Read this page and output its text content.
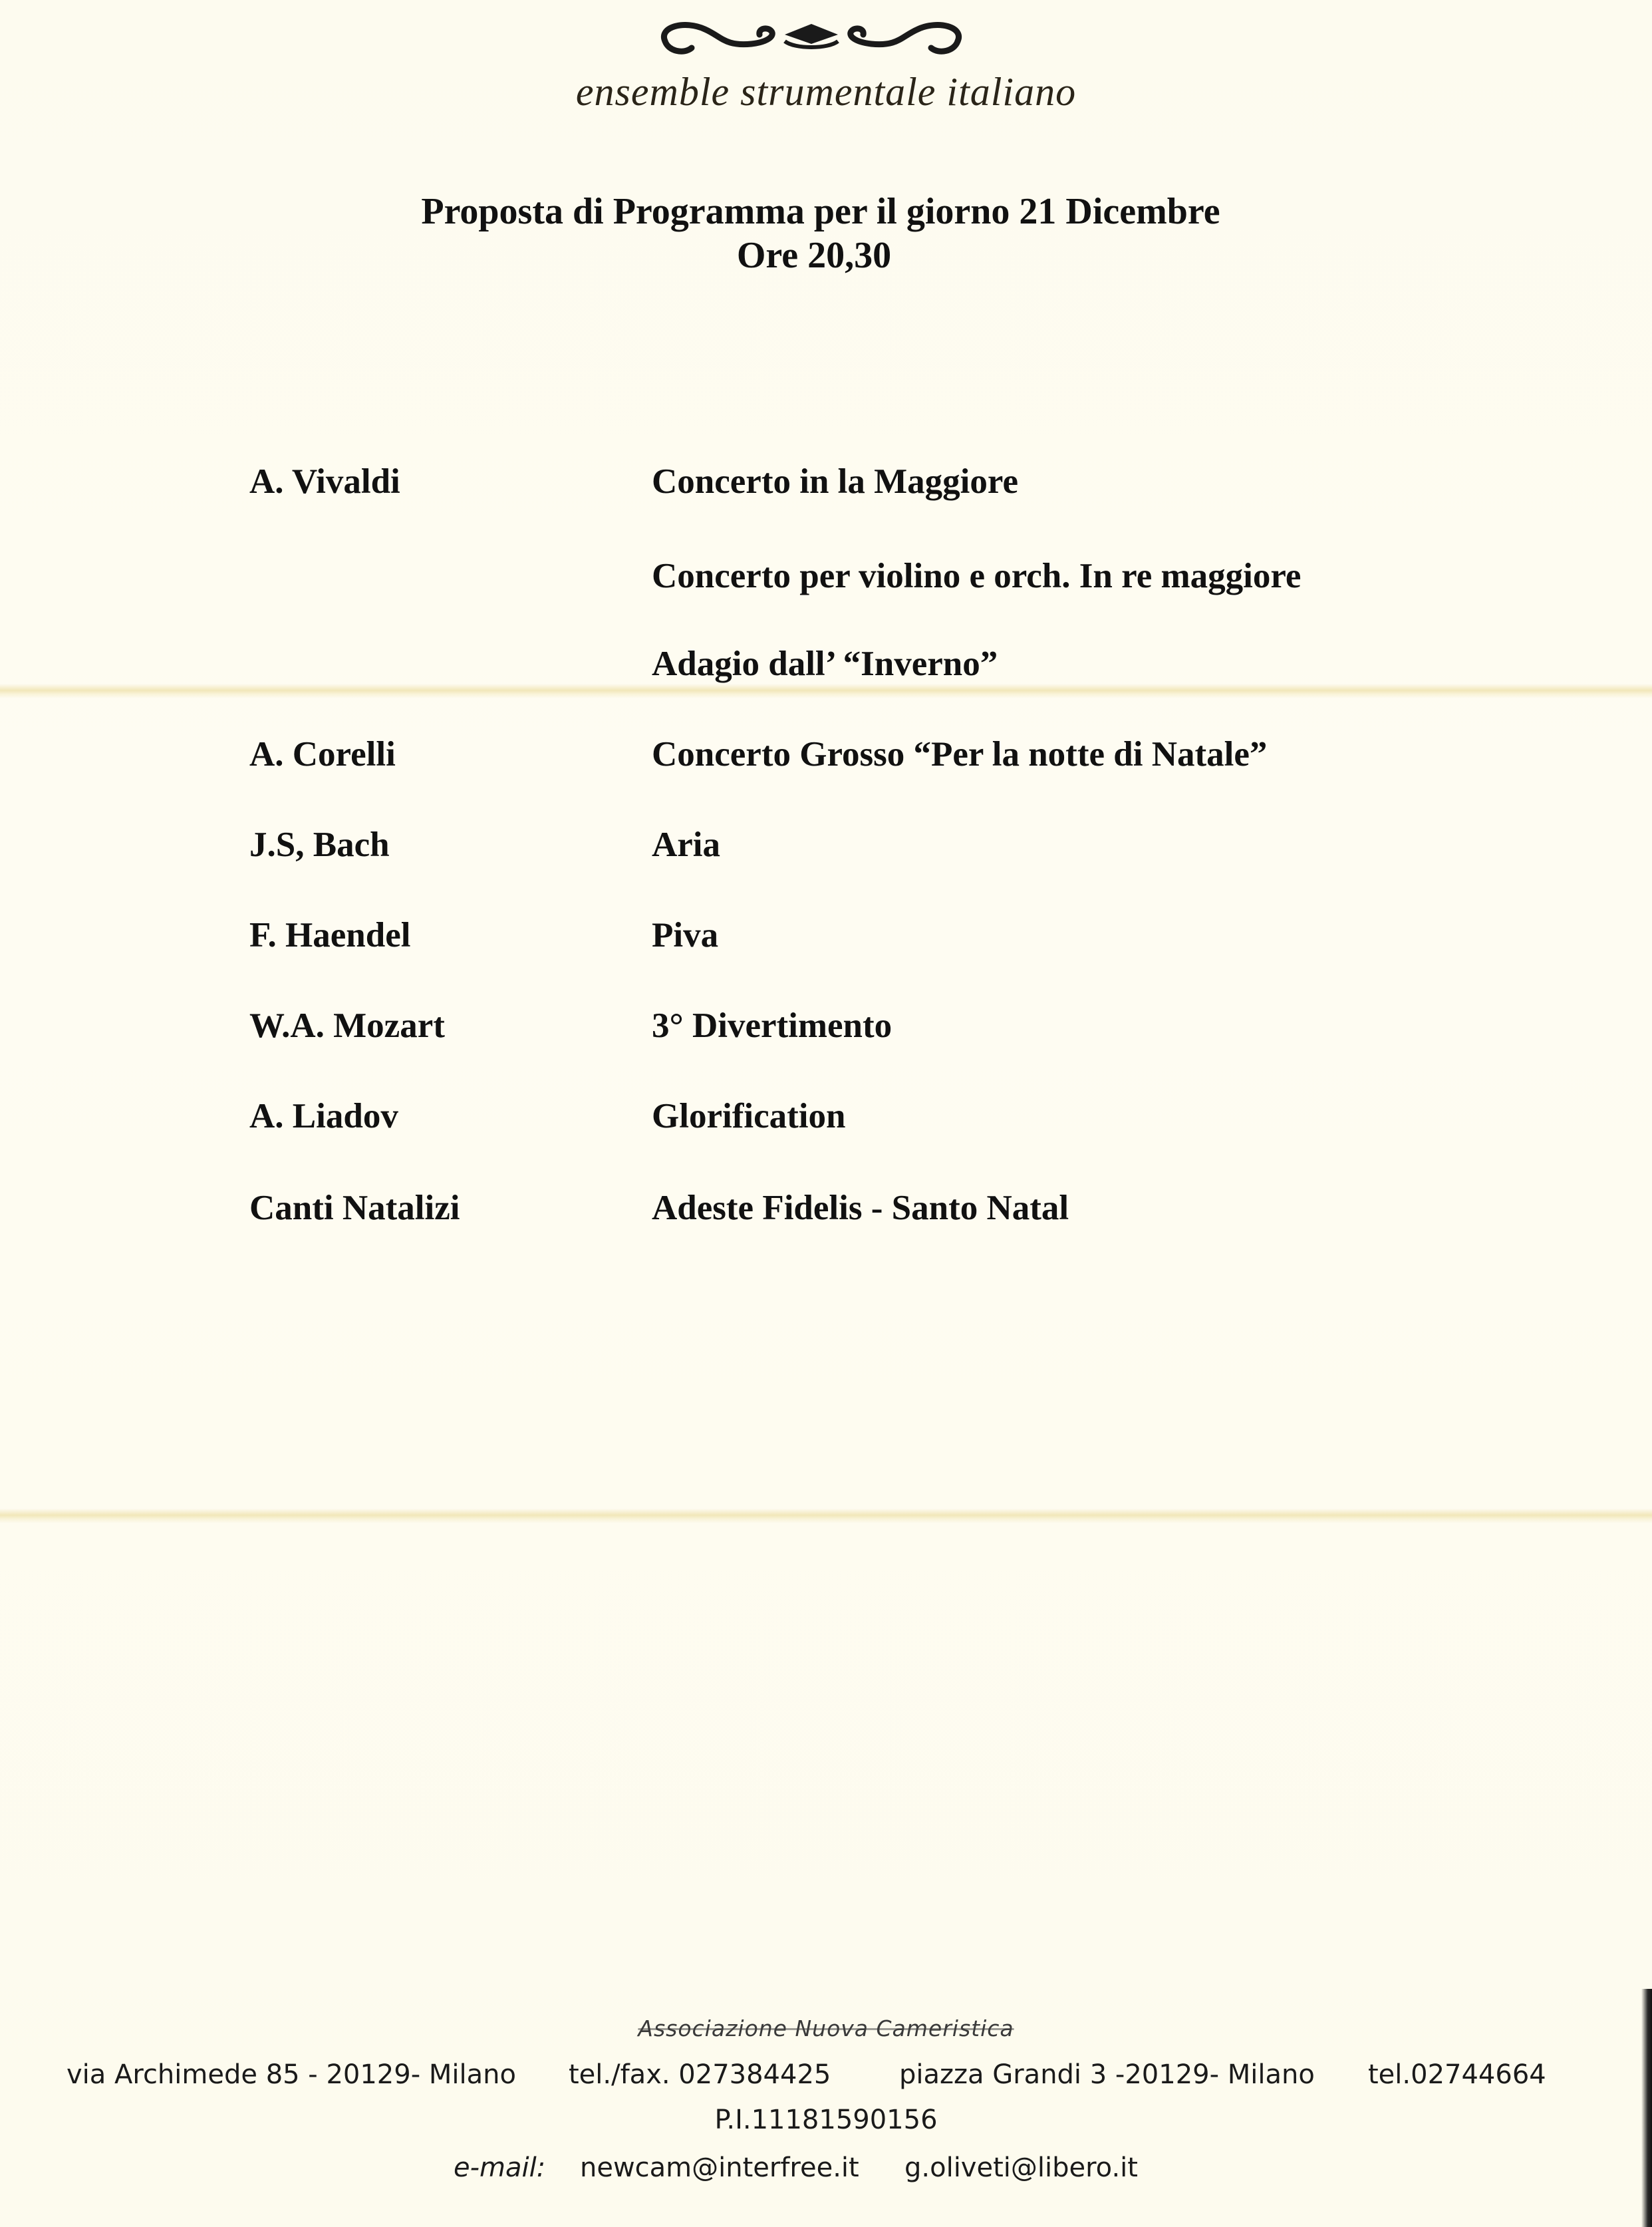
ensemble strumentale italiano
Proposta di Programma per il giorno 21 Dicembre
Ore 20,30
A. Vivaldi	Concerto in la Maggiore
Concerto per violino e orch. In re maggiore
Adagio dall’ “Inverno”
A. Corelli	Concerto Grosso “Per la notte di Natale”
J.S, Bach	Aria
F. Haendel	Piva
W.A. Mozart	3° Divertimento
A. Liadov	Glorification
Canti Natalizi	Adeste Fidelis - Santo Natal
Associazione Nuova Cameristica
via Archimede 85 - 20129- Milano tel./fax. 027384425	piazza Grandi 3 -20129- Milano tel.02744664
P.I.11181590156
e-mail: newcam@interfree.it g.oliveti@libero.it
